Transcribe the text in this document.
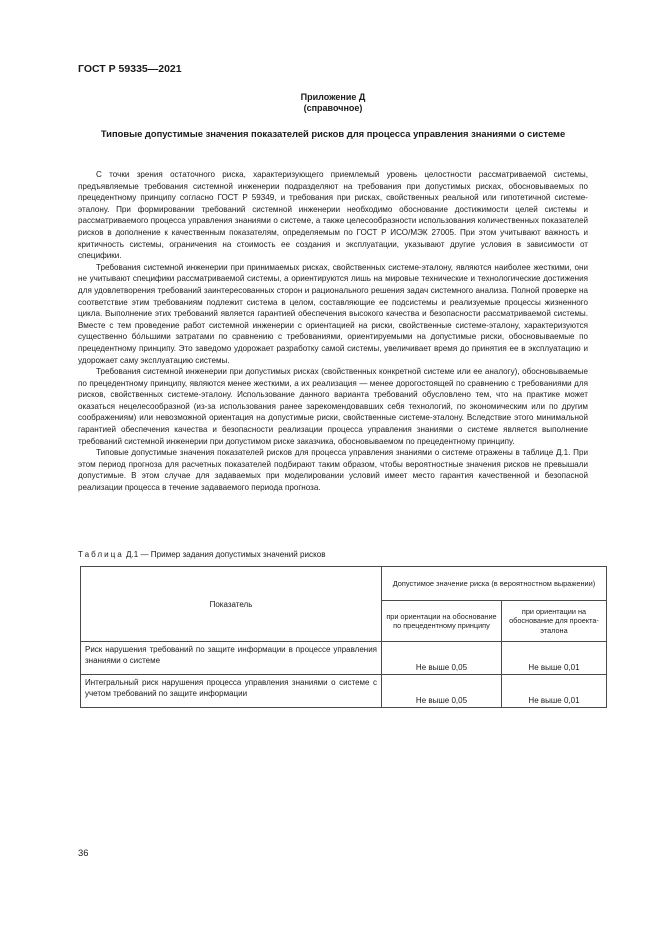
ГОСТ Р 59335—2021
Приложение Д
(справочное)
Типовые допустимые значения показателей рисков для процесса управления знаниями о системе

С точки зрения остаточного риска, характеризующего приемлемый уровень целостности рассматриваемой системы, предъявляемые требования системной инженерии подразделяют на требования при допустимых рисках, обосновываемых по прецедентному принципу согласно ГОСТ Р 59349, и требования при рисках, свойственных реальной или гипотетичной системе-эталону. При формировании требований системной инженерии необходимо обоснование достижимости целей системы и рассматриваемого процесса управления знаниями о системе, а также целесообразности использования количественных показателей рисков в дополнение к качественным показателям, определяемым по ГОСТ Р ИСО/МЭК 27005. При этом учитывают важность и критичность системы, ограничения на стоимость ее создания и эксплуатации, указывают другие условия в зависимости от специфики.

Требования системной инженерии при принимаемых рисках, свойственных системе-эталону, являются наиболее жесткими, они не учитывают специфики рассматриваемой системы, а ориентируются лишь на мировые технические и технологические достижения для удовлетворения требований заинтересованных сторон и рационального решения задач системного анализа. Полной проверке на соответствие этим требованиям подлежит система в целом, составляющие ее подсистемы и реализуемые процессы жизненного цикла. Выполнение этих требований является гарантией обеспечения высокого качества и безопасности рассматриваемой системы. Вместе с тем проведение работ системной инженерии с ориентацией на риски, свойственные системе-эталону, характеризуются существенно бо́льшими затратами по сравнению с требованиями, ориентируемыми на допустимые риски, обосновываемые по прецедентному принципу. Это заведомо удорожает разработку самой системы, увеличивает время до принятия ее в эксплуатацию и удорожает саму эксплуатацию системы.

Требования системной инженерии при допустимых рисках (свойственных конкретной системе или ее аналогу), обосновываемые по прецедентному принципу, являются менее жесткими, а их реализация — менее дорогостоящей по сравнению с требованиями для рисков, свойственных системе-эталону. Использование данного варианта требований обусловлено тем, что на практике может оказаться нецелесообразной (из-за использования ранее зарекомендовавших себя технологий, по экономическим или по другим соображениям) или невозможной ориентация на допустимые риски, свойственные системе-эталону. Вследствие этого минимальной гарантией обеспечения качества и безопасности реализации процесса управления знаниями о системе является выполнение требований системной инженерии при допустимом риске заказчика, обосновываемом по прецедентному принципу.

Типовые допустимые значения показателей рисков для процесса управления знаниями о системе отражены в таблице Д.1. При этом период прогноза для расчетных показателей подбирают таким образом, чтобы вероятностные значения рисков не превышали допустимые. В этом случае для задаваемых при моделировании условий имеет место гарантия качественной и безопасной реализации процесса в течение задаваемого периода прогноза.

Таблица Д.1 — Пример задания допустимых значений рисков
Показатель	Допустимое значение риска (в вероятностном выражении)	
	при ориентации на обоснование по прецедентному принципу	при ориентации на обоснование для проекта-эталона
Риск нарушения требований по защите информации в процессе управления знаниями о системе	Не выше 0,05	Не выше 0,01
Интегральный риск нарушения процесса управления знаниями о системе с учетом требований по защите информации	Не выше 0,05	Не выше 0,01
36
